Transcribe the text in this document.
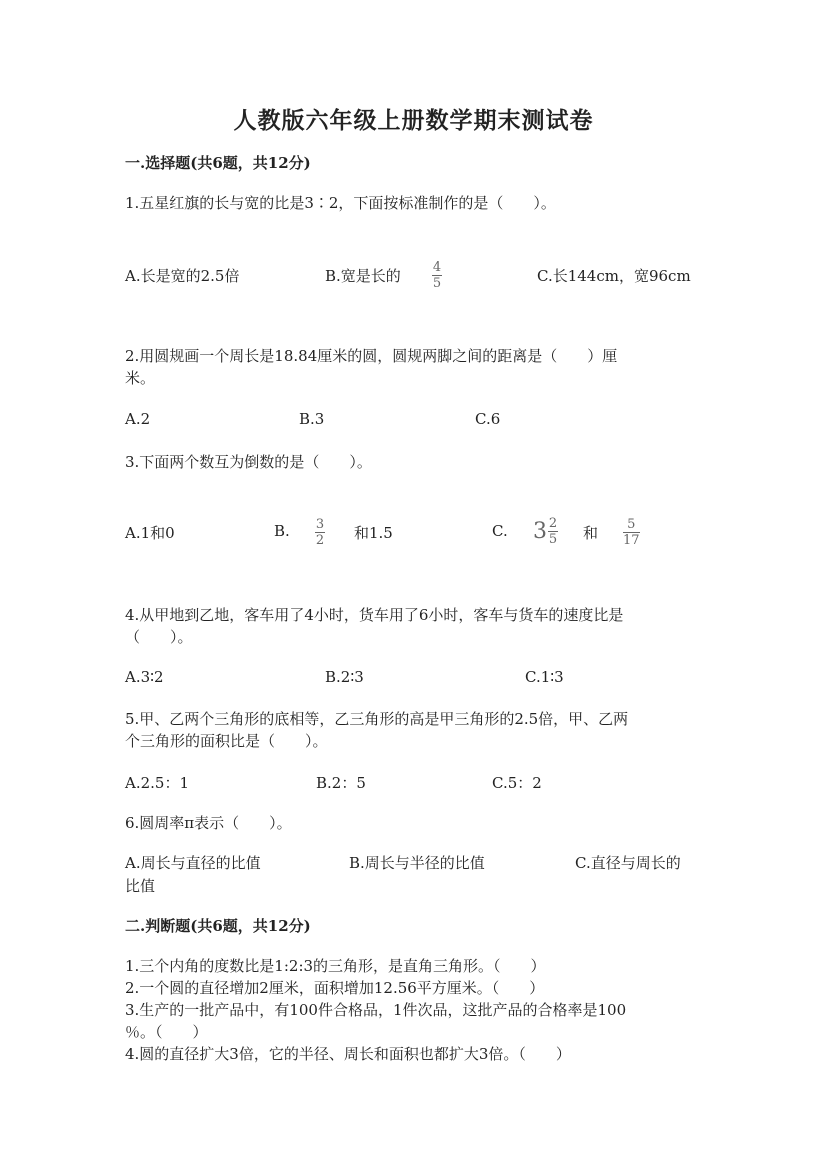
人教版六年级上册数学期末测试卷
一.选择题(共6题，共12分)
1.五星红旗的长与宽的比是3∶2，下面按标准制作的是（　　）。
A.长是宽的2.5倍	B.宽是长的 $\frac{4}{5}$	C.长144cm，宽96cm
2.用圆规画一个周长是18.84厘米的圆，圆规两脚之间的距离是（　　）厘
米。
A.2	B.3	C.6
3.下面两个数互为倒数的是（　　）。
A.1和0	B. $\frac{3}{2}$ 和1.5	C. $3 \frac{2}{5}$ 和 $\frac{5}{17}$
4.从甲地到乙地，客车用了4小时，货车用了6小时，客车与货车的速度比是
（　　）。
A.3∶2	B.2∶3	C.1∶3
5.甲、乙两个三角形的底相等，乙三角形的高是甲三角形的2.5倍，甲、乙两
个三角形的面积比是（　　）。
A.2.5：1	B.2：5	C.5：2
6.圆周率π表示（　　）。
A.周长与直径的比值	B.周长与半径的比值	C.直径与周长的
比值
二.判断题(共6题，共12分)
1.三个内角的度数比是1:2:3的三角形，是直角三角形。（　　）
2.一个圆的直径增加2厘米，面积增加12.56平方厘米。（　　）
3.生产的一批产品中，有100件合格品，1件次品，这批产品的合格率是100
％。（　　）
4.圆的直径扩大3倍，它的半径、周长和面积也都扩大3倍。（　　）
